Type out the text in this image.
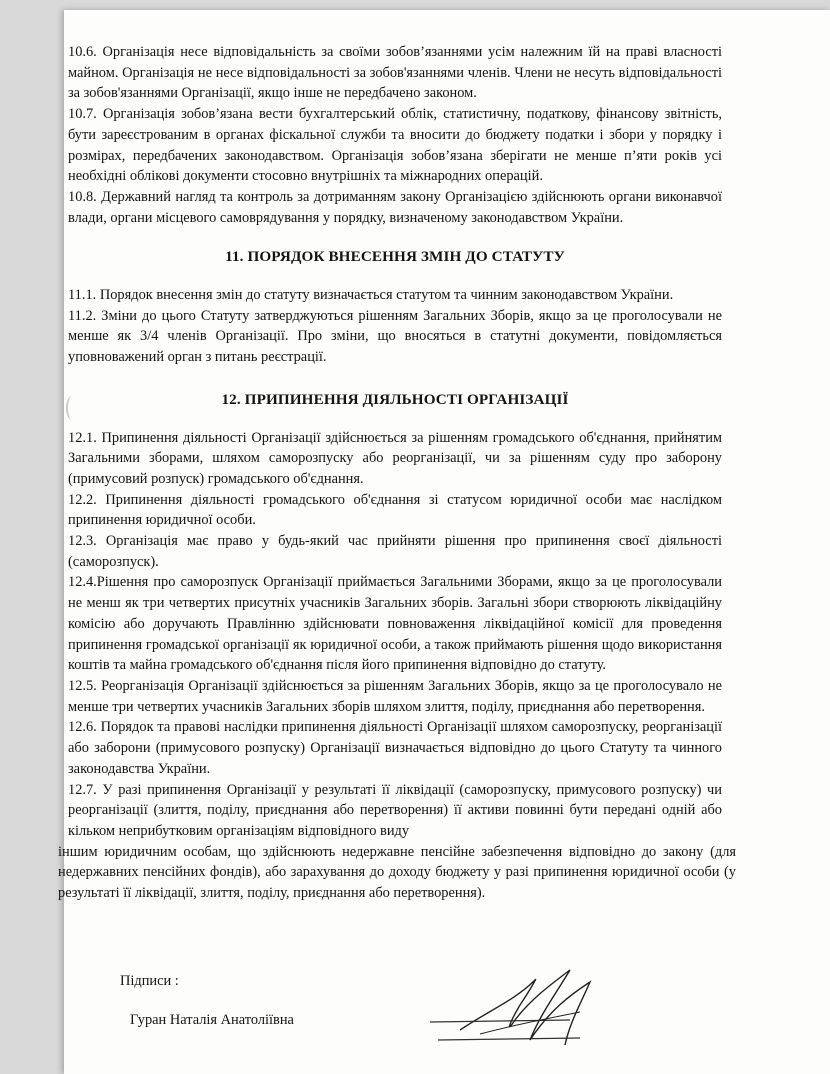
10.6. Організація несе відповідальність за своїми зобов’язаннями усім належним їй на праві власності майном. Організація не несе відповідальності за зобов'язаннями членів. Члени не несуть відповідальності за зобов'язаннями Організації, якщо інше не передбачено законом.

10.7. Організація зобов’язана вести бухгалтерський облік, статистичну, податкову, фінансову звітність, бути зареєстрованим в органах фіскальної служби та вносити до бюджету податки і збори у порядку і розмірах, передбачених законодавством. Організація зобов’язана зберігати не менше п’яти років усі необхідні облікові документи стосовно внутрішніх та міжнародних операцій.

10.8. Державний нагляд та контроль за дотриманням закону Організацією здійснюють органи виконавчої влади, органи місцевого самоврядування у порядку, визначеному законодавством України.

11. ПОРЯДОК ВНЕСЕННЯ ЗМІН ДО СТАТУТУ

11.1. Порядок внесення змін до статуту визначається статутом та чинним законодавством України.

11.2. Зміни до цього Статуту затверджуються рішенням Загальних Зборів, якщо за це проголосували не менше як 3/4 членів Організації. Про зміни, що вносяться в статутні документи, повідомляється уповноважений орган з питань реєстрації.

12. ПРИПИНЕННЯ ДІЯЛЬНОСТІ ОРГАНІЗАЦІЇ

12.1. Припинення діяльності Організації здійснюється за рішенням громадського об'єднання, прийнятим Загальними зборами, шляхом саморозпуску або реорганізації, чи за рішенням суду про заборону (примусовий розпуск) громадського об'єднання.

12.2. Припинення діяльності громадського об'єднання зі статусом юридичної особи має наслідком припинення юридичної особи.

12.3. Організація має право у будь-який час прийняти рішення про припинення своєї діяльності (саморозпуск).

12.4.Рішення про саморозпуск Організації приймається Загальними Зборами, якщо за це проголосували не менш як три четвертих присутніх учасників Загальних зборів. Загальні збори створюють ліквідаційну комісію або доручають Правлінню здійснювати повноваження ліквідаційної комісії для проведення припинення громадської організації як юридичної особи, а також приймають рішення щодо використання коштів та майна громадського об'єднання після його припинення відповідно до статуту.

12.5. Реорганізація Організації здійснюється за рішенням Загальних Зборів, якщо за це проголосувало не менше три четвертих учасників Загальних зборів шляхом злиття, поділу, приєднання або перетворення.

12.6. Порядок та правові наслідки припинення діяльності Організації шляхом саморозпуску, реорганізації або заборони (примусового розпуску) Організації визначається відповідно до цього Статуту та чинного законодавства України.

12.7. У разі припинення Організації у результаті її ліквідації (саморозпуску, примусового розпуску) чи реорганізації (злиття, поділу, приєднання або перетворення) її активи повинні бути передані одній або кільком неприбутковим організаціям відповідного виду

іншим юридичним особам, що здійснюють недержавне пенсійне забезпечення відповідно до закону (для недержавних пенсійних фондів), або зарахування до доходу бюджету у разі припинення юридичної особи (у результаті її ліквідації, злиття, поділу, приєднання або перетворення).

Підписи :
Гуран Наталія Анатоліївна
